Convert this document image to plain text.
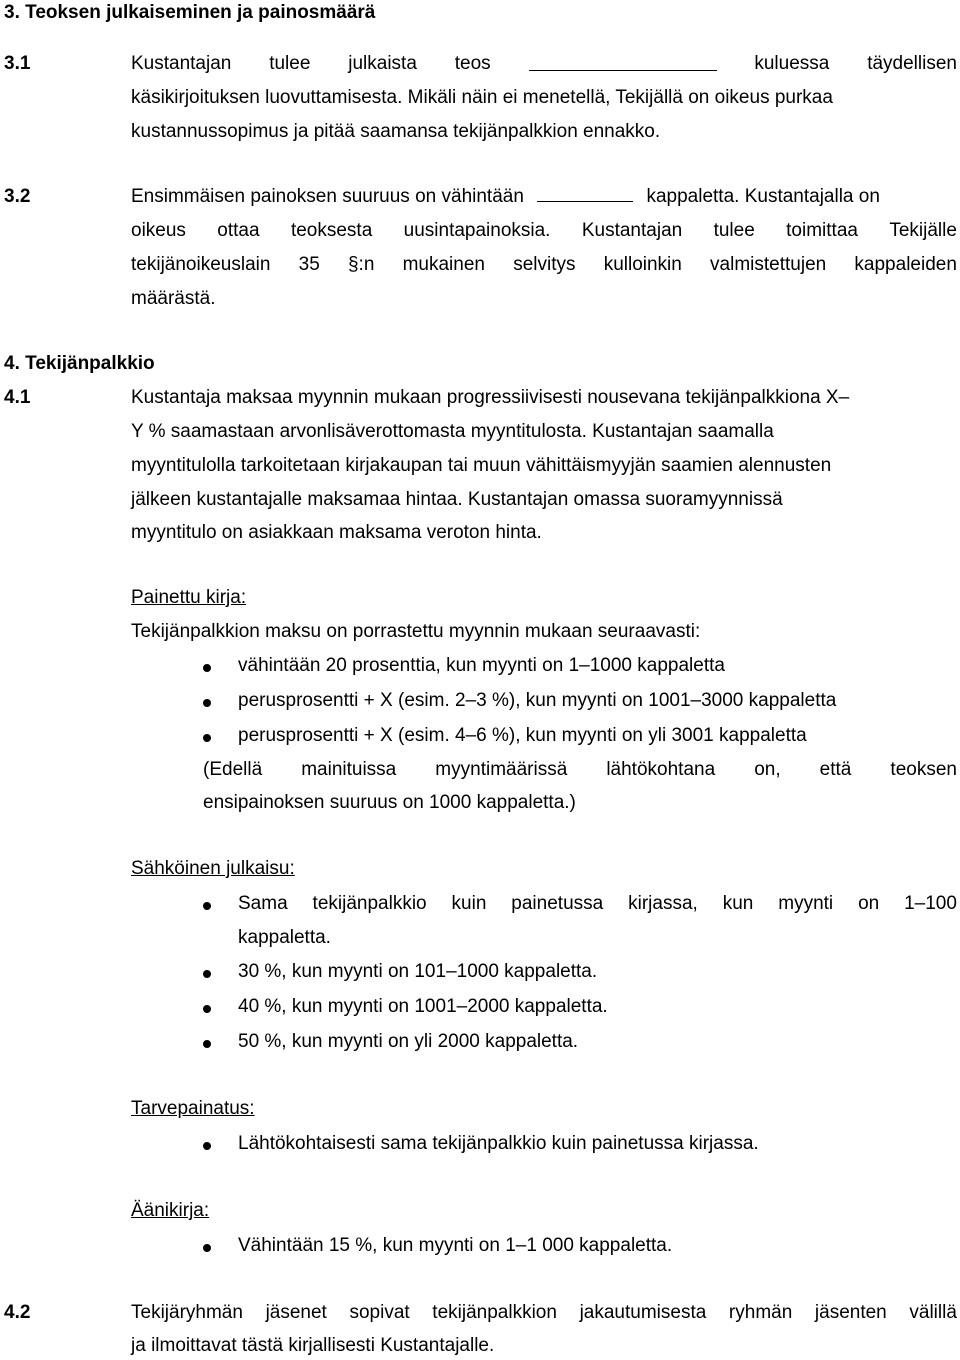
3. Teoksen julkaiseminen ja painosmäärä
3.1	Kustantajan tulee julkaista teos	kuluessa täydellisen
käsikirjoituksen luovuttamisesta. Mikäli näin ei menetellä, Tekijällä on oikeus purkaa
kustannussopimus ja pitää saamansa tekijänpalkkion ennakko.
3.2	Ensimmäisen painoksen suuruus on vähintään	kappaletta. Kustantajalla on
oikeus ottaa teoksesta uusintapainoksia. Kustantajan tulee toimittaa Tekijälle
tekijänoikeuslain 35 §:n mukainen selvitys kulloinkin valmistettujen kappaleiden
määrästä.
4. Tekijänpalkkio
4.1	Kustantaja maksaa myynnin mukaan progressiivisesti nousevana tekijänpalkkiona X–
Y % saamastaan arvonlisäverottomasta myyntitulosta. Kustantajan saamalla
myyntitulolla tarkoitetaan kirjakaupan tai muun vähittäismyyjän saamien alennusten
jälkeen kustantajalle maksamaa hintaa. Kustantajan omassa suoramyynnissä
myyntitulo on asiakkaan maksama veroton hinta.
Painettu kirja:
Tekijänpalkkion maksu on porrastettu myynnin mukaan seuraavasti:
vähintään 20 prosenttia, kun myynti on 1–1000 kappaletta
perusprosentti + X (esim. 2–3 %), kun myynti on 1001–3000 kappaletta
perusprosentti + X (esim. 4–6 %), kun myynti on yli 3001 kappaletta
(Edellä mainituissa myyntimäärissä lähtökohtana on, että teoksen
ensipainoksen suuruus on 1000 kappaletta.)
Sähköinen julkaisu:
Sama tekijänpalkkio kuin painetussa kirjassa, kun myynti on 1–100
kappaletta.
30 %, kun myynti on 101–1000 kappaletta.
40 %, kun myynti on 1001–2000 kappaletta.
50 %, kun myynti on yli 2000 kappaletta.
Tarvepainatus:
Lähtökohtaisesti sama tekijänpalkkio kuin painetussa kirjassa.
Äänikirja:
Vähintään 15 %, kun myynti on 1–1 000 kappaletta.
4.2	Tekijäryhmän jäsenet sopivat tekijänpalkkion jakautumisesta ryhmän jäsenten välillä
ja ilmoittavat tästä kirjallisesti Kustantajalle.
